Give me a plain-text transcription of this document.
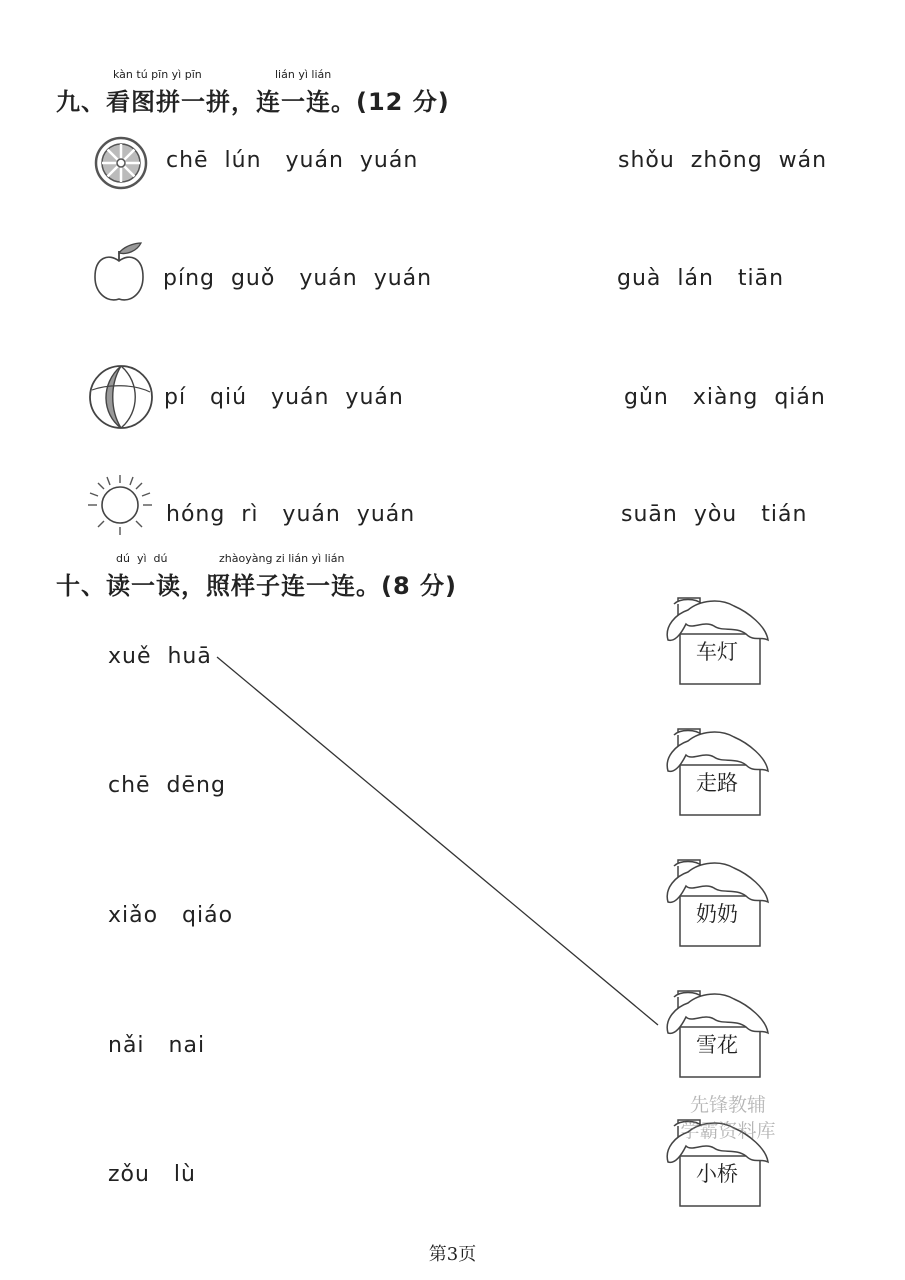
kàn tú pīn yì pīn	lián yì lián
九、看图拼一拼，连一连。(12 分)
chē  lún   yuán  yuán
píng  guǒ   yuán  yuán
pí   qiú   yuán  yuán
hóng  rì   yuán  yuán
shǒu  zhōng  wán
guà  lán   tiān
gǔn   xiàng  qián
suān  yòu   tián
dú  yì  dú	zhàoyàng zi lián yì lián
十、读一读，照样子连一连。(8 分)
xuě  huā
chē  dēng
xiǎo   qiáo
nǎi   nai
zǒu   lù
车灯
走路
奶奶
雪花
小桥
先锋教辅
学霸资料库
第3页
